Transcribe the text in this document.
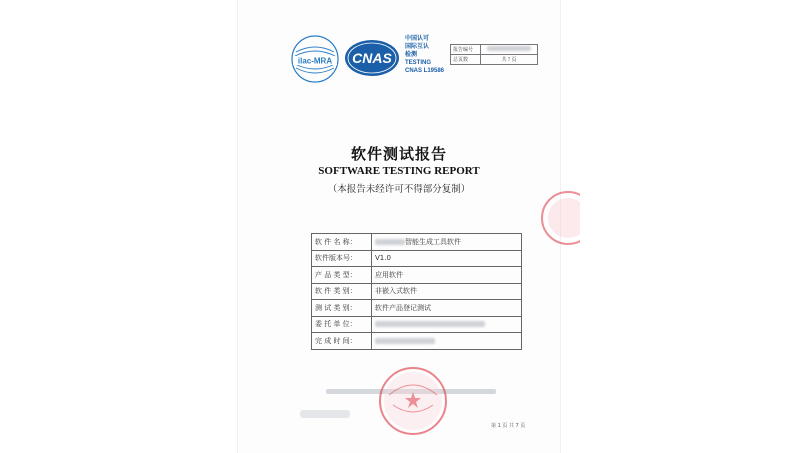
ilac-MRA CNAS
中国认可
国际互认
检测
TESTING
CNAS L19586
报告编号	
总页数	共 7 页
软件测试报告
SOFTWARE TESTING REPORT
（本报告未经许可不得部分复制）
软 件 名 称：	智能生成工具软件
软件版本号：	V1.0
产 品 类 型：	应用软件
软 件 类 别：	非嵌入式软件
测 试 类 别：	软件产品登记测试
委 托 单 位：	
完 成 时 间：	
第 1 页 共 7 页
